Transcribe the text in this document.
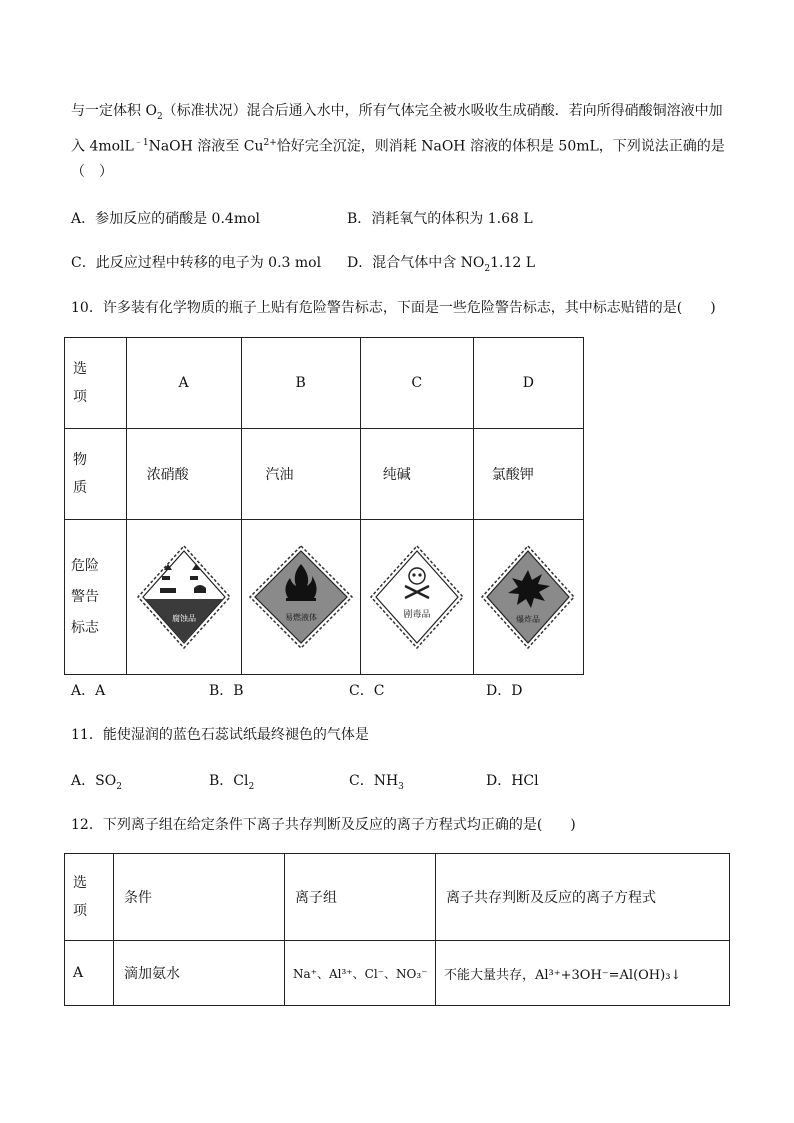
与一定体积 $O_2$（标准状况）混合后通入水中，所有气体完全被水吸收生成硝酸．若向所得硝酸铜溶液中加
入 4molL$^{﹣1}$NaOH 溶液至 $Cu^{2+}$恰好完全沉淀，则消耗 NaOH 溶液的体积是 50mL，下列说法正确的是
（　）
A．参加反应的硝酸是 0.4mol	B．消耗氧气的体积为 1.68 L
C．此反应过程中转移的电子为 0.3 mol D．混合气体中含 $NO_21.12$ L
10．许多装有化学物质的瓶子上贴有危险警告标志，下面是一些危险警告标志，其中标志贴错的是(　　)
选
项	A	B	C	D

物
质	浓硝酸	汽油	纯碱	氯酸钾

危险
警告
标志	腐蚀品	易燃液体	剧毒品	爆炸品
A．A	B．B	C．C	D．D
11．能使湿润的蓝色石蕊试纸最终褪色的气体是
A．$SO_2$	B．$Cl_2$	C．$NH_3$	D．HCl
12．下列离子组在给定条件下离子共存判断及反应的离子方程式均正确的是(　　)
选项	条件	离子组	离子共存判断及反应的离子方程式
A	滴加氨水	Na⁺、Al³⁺、Cl⁻、NO₃⁻	不能大量共存，Al³⁺+3OH⁻=Al(OH)₃↓
